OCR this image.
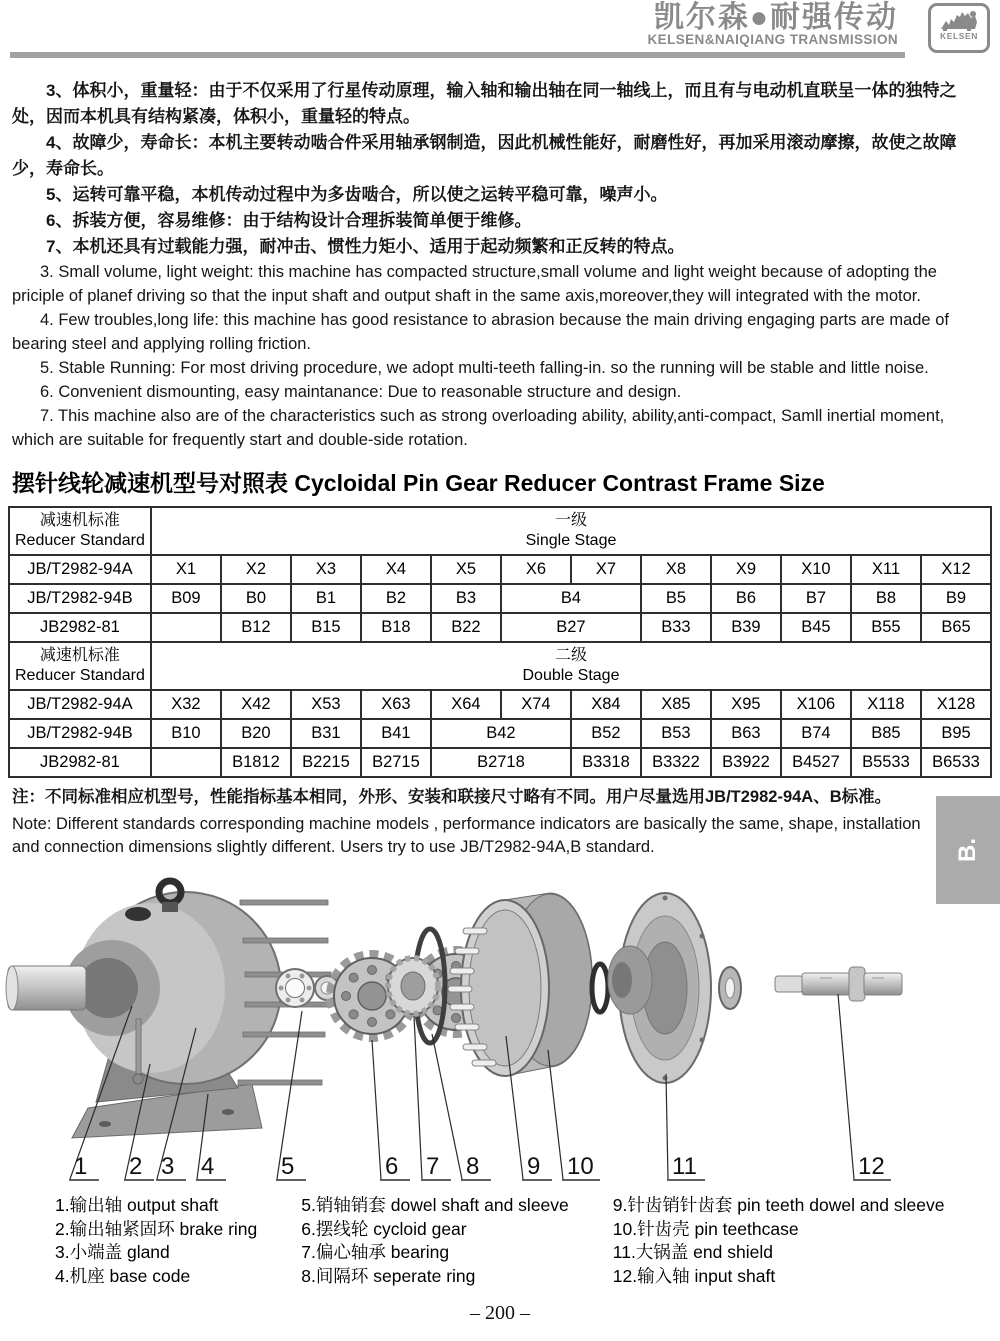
凯尔森●耐强传动
KELSEN&NAIQIANG TRANSMISSION	KELSEN

3、体积小，重量轻：由于不仅采用了行星传动原理，输入轴和输出轴在同一轴线上，而且有与电动机直联呈一体的独特之处，因而本机具有结构紧凑，体积小，重量轻的特点。

4、故障少，寿命长：本机主要转动啮合件采用轴承钢制造，因此机械性能好，耐磨性好，再加采用滚动摩擦，故使之故障少，寿命长。

5、运转可靠平稳，本机传动过程中为多齿啮合，所以使之运转平稳可靠，噪声小。

6、拆装方便，容易维修：由于结构设计合理拆装简单便于维修。

7、本机还具有过载能力强，耐冲击、惯性力矩小、适用于起动频繁和正反转的特点。

3. Small volume, light weight: this machine has compacted structure,small volume and light weight because of adopting the priciple of planef driving so that the input shaft and output shaft in the same axis,moreover,they will integrated with the motor.

4. Few troubles,long life: this machine has good resistance to abrasion because the main driving engaging parts are made of bearing steel and applying rolling friction.

5. Stable Running: For most driving procedure, we adopt multi-teeth falling-in. so the running will be stable and little noise.

6. Convenient dismounting, easy maintanance: Due to reasonable structure and design.

7. This machine also are of the characteristics such as strong overloading ability, ability,anti-compact, Samll inertial moment, which are suitable for frequently start and double-side rotation.

摆针线轮减速机型号对照表 Cycloidal Pin Gear Reducer Contrast Frame Size
减速机标准
Reducer Standard

一级
Single Stage

JB/T2982-94A	X1	X2	X3	X4	X5	X6	X7	X8	X9	X10	X11	X12
JB/T2982-94B	B09	B0	B1	B2	B3	B4		B5	B6	B7	B8	B9
JB2982-81		B12	B15	B18	B22	B27		B33	B39	B45	B55	B65

减速机标准
Reducer Standard

二级
Double Stage

JB/T2982-94A	X32	X42	X53	X63	X64	X74	X84	X85	X95	X106	X118	X128
JB/T2982-94B	B10	B20	B31	B41	B42		B52	B53	B63	B74	B85	B95
JB2982-81		B1812	B2215	B2715	B2718		B3318	B3322	B3922	B4527	B5533	B6533
注：不同标准相应机型号，性能指标基本相同，外形、安装和联接尺寸略有不同。用户尽量选用JB/T2982-94A、B标准。
Note: Different standards corresponding machine models , performance indicators are basically the same, shape, installation and connection dimensions slightly different. Users try to use JB/T2982-94A,B standard.	B.
1 2 3 4	5	6 7 8 9 10	11	12
1.输出轴 output shaft
2.输出轴紧固环 brake ring
3.小端盖 gland
4.机座 base code
5.销轴销套 dowel shaft and sleeve
6.摆线轮 cycloid gear
7.偏心轴承 bearing
8.间隔环 seperate ring
9.针齿销针齿套 pin teeth dowel and sleeve
10.针齿壳 pin teethcase
11.大锅盖 end shield
12.输入轴 input shaft
– 200 –
